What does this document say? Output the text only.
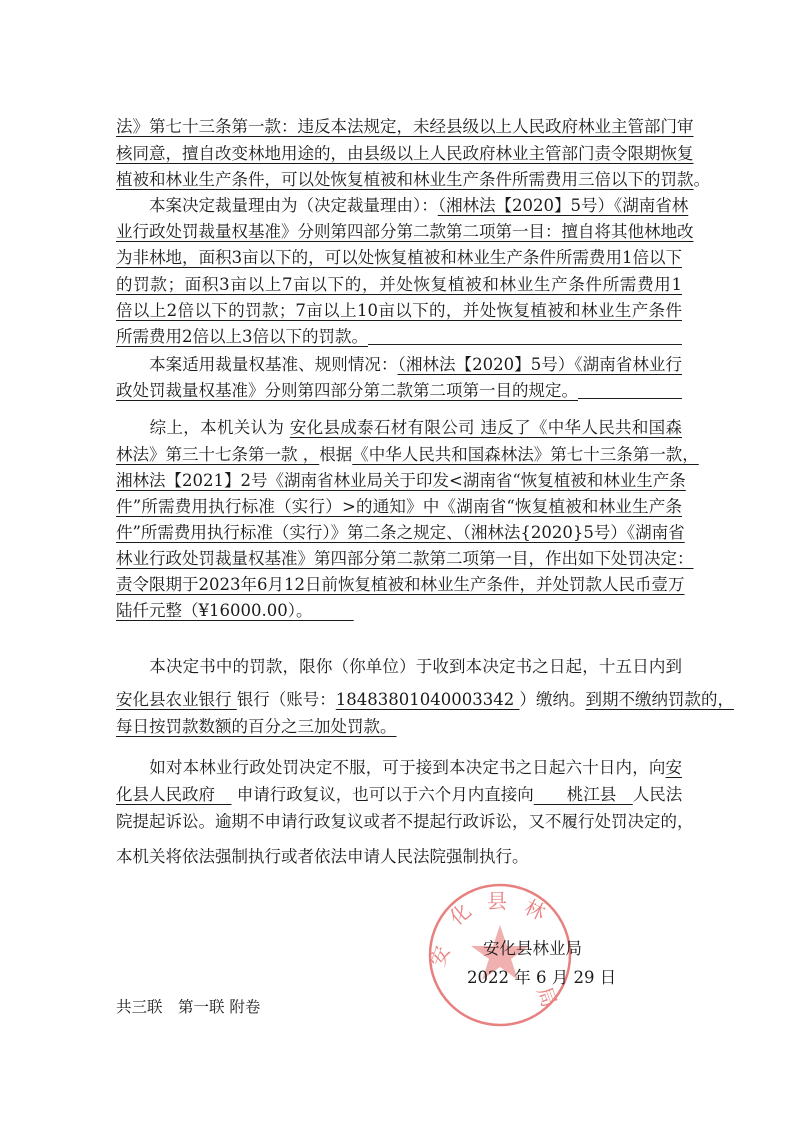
法》第七十三条第一款：违反本法规定，未经县级以上人民政府林业主管部门审
核同意，擅自改变林地用途的，由县级以上人民政府林业主管部门责令限期恢复
植被和林业生产条件，可以处恢复植被和林业生产条件所需费用三倍以下的罚款。
　　本案决定裁量理由为（决定裁量理由）：（湘林法【2020】5号）《湖南省林
业行政处罚裁量权基准》分则第四部分第二款第二项第一目：擅自将其他林地改
为非林地，面积3亩以下的，可以处恢复植被和林业生产条件所需费用1倍以下
的罚款；面积3亩以上7亩以下的，并处恢复植被和林业生产条件所需费用1
倍以上2倍以下的罚款；7亩以上10亩以下的，并处恢复植被和林业生产条件
所需费用2倍以上3倍以下的罚款。
　　本案适用裁量权基准、规则情况：（湘林法【2020】5号）《湖南省林业行
政处罚裁量权基准》分则第四部分第二款第二项第一目的规定。
　　综上，本机关认为 安化县成泰石材有限公司 违反了《中华人民共和国森
林法》第三十七条第一款 ，根据《中华人民共和国森林法》第七十三条第一款，
湘林法【2021】2号《湖南省林业局关于印发<湖南省“恢复植被和林业生产条
件”所需费用执行标准（实行）>的通知》中《湖南省“恢复植被和林业生产条
件”所需费用执行标准（实行）》第二条之规定、（湘林法{2020}5号）《湖南省
林业行政处罚裁量权基准》第四部分第二款第二项第一目，作出如下处罚决定：
责令限期于2023年6月12日前恢复植被和林业生产条件，并处罚款人民币壹万
陆仟元整（¥16000.00）。　　　
　　本决定书中的罚款，限你（你单位）于收到本决定书之日起，十五日内到
安化县农业银行 银行（账号：18483801040003342 ）缴纳。到期不缴纳罚款的，
每日按罚款数额的百分之三加处罚款。
　　如对本林业行政处罚决定不服，可于接到本决定书之日起六十日内，向安
化县人民政府　 申请行政复议，也可以于六个月内直接向　　桃江县　人民法
院提起诉讼。逾期不申请行政复议或者不提起行政诉讼，又不履行处罚决定的，
本机关将依法强制执行或者依法申请人民法院强制执行。
安
化 县 林
局
安化县林业局
2022 年 6 月 29 日
共三联　第一联 附卷
